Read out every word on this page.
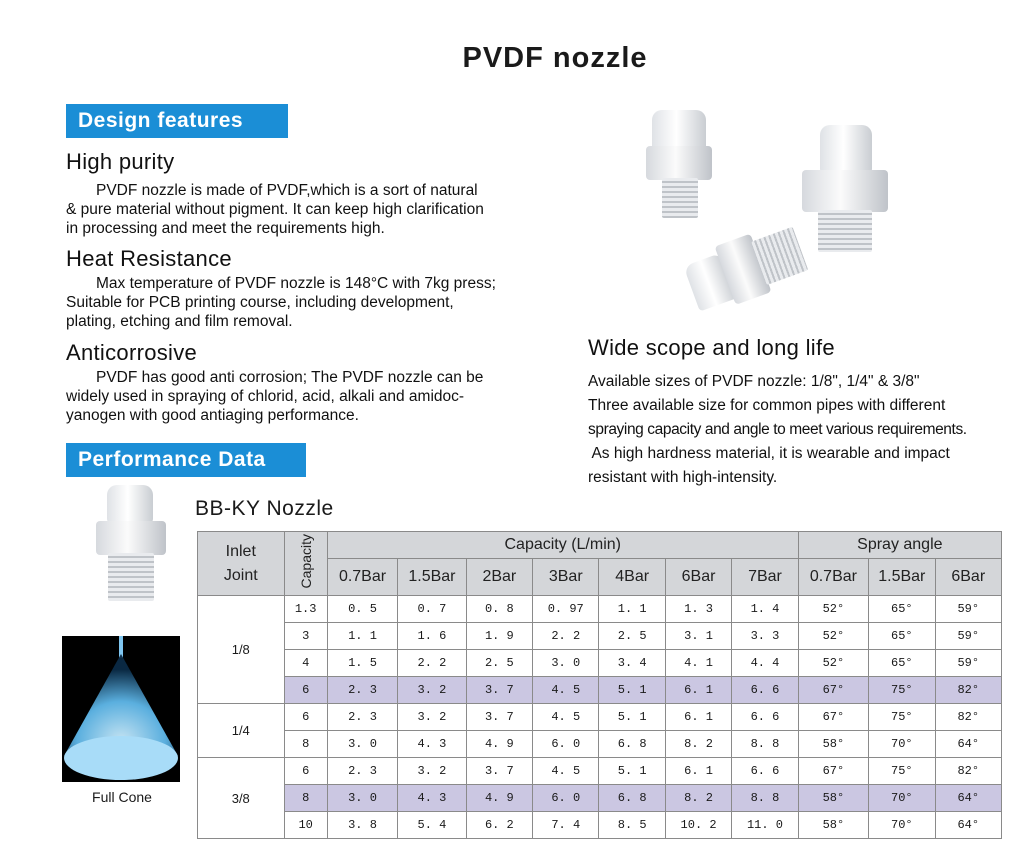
PVDF nozzle
Design features
High purity
PVDF nozzle is made of PVDF,which is a sort of natural
& pure material without pigment. It can keep high clarification
in processing and meet the requirements high.
Heat Resistance
Max temperature of PVDF nozzle is 148°C with 7kg press;
Suitable for PCB printing course, including development,
plating, etching and film removal.
Anticorrosive
PVDF has good anti corrosion; The PVDF nozzle can be
widely used in spraying of chlorid, acid, alkali and amidoc-
yanogen with good antiaging performance.
Wide scope and long life
Available sizes of PVDF nozzle: 1/8", 1/4" & 3/8"
Three available size for common pipes with different
spraying capacity and angle to meet various requirements.
As high hardness material, it is wearable and impact
resistant with high-intensity.
Performance Data
Full Cone
BB-KY Nozzle
Inlet
Joint	Capacity	Capacity (L/min)							Spray angle		
		0.7Bar	1.5Bar	2Bar	3Bar	4Bar	6Bar	7Bar	0.7Bar	1.5Bar	6Bar
1/8	1.3	0. 5	0. 7	0. 8	0. 97	1. 1	1. 3	1. 4	52°	65°	59°
	3	1. 1	1. 6	1. 9	2. 2	2. 5	3. 1	3. 3	52°	65°	59°
	4	1. 5	2. 2	2. 5	3. 0	3. 4	4. 1	4. 4	52°	65°	59°
	6	2. 3	3. 2	3. 7	4. 5	5. 1	6. 1	6. 6	67°	75°	82°
1/4	6	2. 3	3. 2	3. 7	4. 5	5. 1	6. 1	6. 6	67°	75°	82°
	8	3. 0	4. 3	4. 9	6. 0	6. 8	8. 2	8. 8	58°	70°	64°
3/8	6	2. 3	3. 2	3. 7	4. 5	5. 1	6. 1	6. 6	67°	75°	82°
	8	3. 0	4. 3	4. 9	6. 0	6. 8	8. 2	8. 8	58°	70°	64°
	10	3. 8	5. 4	6. 2	7. 4	8. 5	10. 2	11. 0	58°	70°	64°
